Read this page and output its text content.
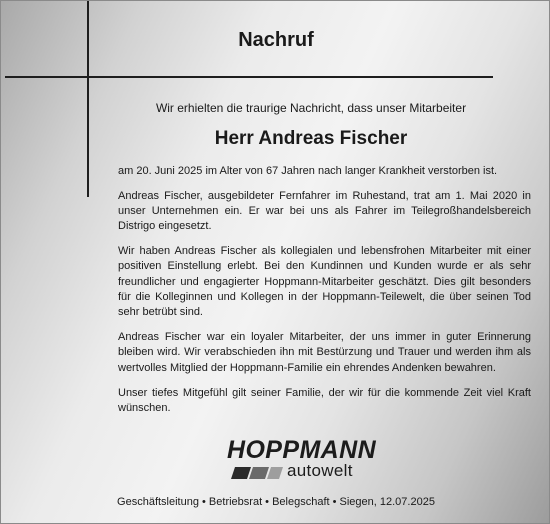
Nachruf
Wir erhielten die traurige Nachricht, dass unser Mitarbeiter
Herr Andreas Fischer

am 20. Juni 2025 im Alter von 67 Jahren nach langer Krankheit verstorben ist.

Andreas Fischer, ausgebildeter Fernfahrer im Ruhestand, trat am 1. Mai 2020 in unser Unternehmen ein. Er war bei uns als Fahrer im Teilegroßhandelsbereich Distrigo eingesetzt.

Wir haben Andreas Fischer als kollegialen und lebensfrohen Mitarbeiter mit einer positiven Einstellung erlebt. Bei den Kundinnen und Kunden wurde er als sehr freundlicher und engagierter Hoppmann-Mitarbeiter geschätzt. Dies gilt besonders für die Kolleginnen und Kollegen in der Hoppmann-Teilewelt, die über seinen Tod sehr betrübt sind.

Andreas Fischer war ein loyaler Mitarbeiter, der uns immer in guter Erinnerung bleiben wird. Wir verabschieden ihn mit Bestürzung und Trauer und werden ihm als wertvolles Mitglied der Hoppmann-Familie ein ehrendes Andenken bewahren.

Unser tiefes Mitgefühl gilt seiner Familie, der wir für die kommende Zeit viel Kraft wünschen.

HOPPMANN
autowelt
Geschäftsleitung • Betriebsrat • Belegschaft • Siegen, 12.07.2025
